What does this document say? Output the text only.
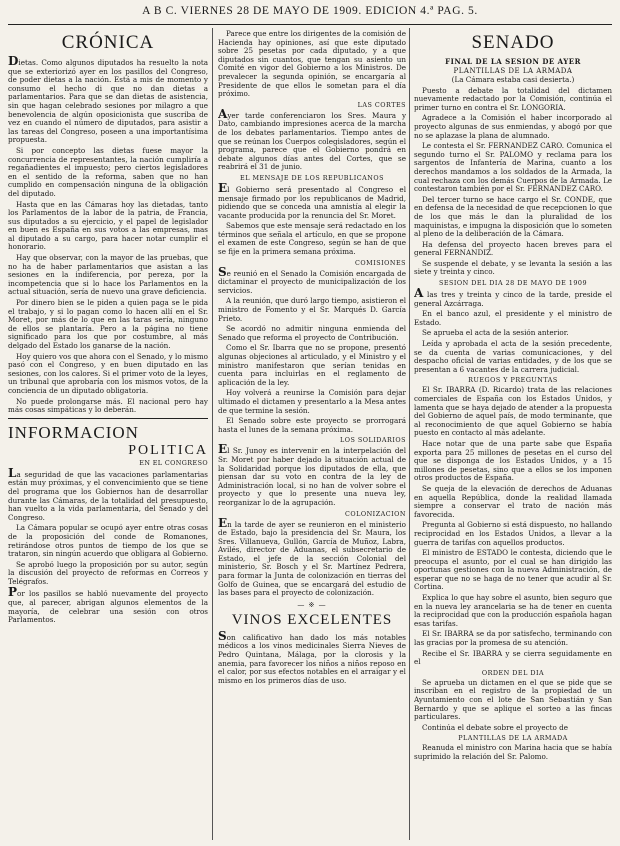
A B C. VIERNES 28 DE MAYO DE 1909. EDICION 4.ª PAG. 5.
CRÓNICA

Dietas. Como algunos diputados ha resuelto la nota que se exteriorizó ayer en los pasillos del Congreso, de poder dietas a la nación. Está a mis de momento y consumo el hecho di que no dan dietas a parlamentarios. Para que se dan dietas de asistencia, sin que hagan celebrado sesiones por milagro a que benevolencia de algún oposicionista que suscriba de vez en cuando el número de diputados, para asistir a las tareas del Congreso, poseen a una importantísima propuesta.

Si por concepto las dietas fuese mayor la concurrencia de representantes, la nación cumpliría a regañadientes el impuesto; pero ciertos legisladores en el sentido de la reforma, saben que no han cumplido en compensación ninguna de la obligación del diputado.

Hasta que en las Cámaras hoy las dietadas, tanto los Parlamentos de la labor de la patria, de Francia, sus diputados a su ejercicio, y el papel de legislador en buen es España en sus votos a las empresas, mas al diputado a su cargo, para hacer notar cumplir el honorario.

Hay que observar, con la mayor de las pruebas, que no ha de haber parlamentarios que asistan a las sesiones en la indiferencia, por pereza, por la incompetencia que si lo hace los Parlamentos en la actual situación, sería de nuevo una grave deficiencia.

Por dinero bien se le piden a quien paga se le pida el trabajo, y si lo pagan como lo hacen allí en el Sr. Moret, por más de lo que en las taras sería, ninguno de ellos se plantaría. Pero a la página no tiene significado para los que por costumbre, al más delgado del Estado los ganarse de la nación.

Hoy quiero vos que ahora con el Senado, y lo mismo pasó con el Congreso, y en buen diputado en las sesiones, con los calores. Si el primer voto de la leyes, un tribunal que aprobaría con los mismos votos, de la conciencia de un diputado obligatoria.

No puede prolongarse más. El nacional pero hay más cosas simpáticas y lo deberán.

INFORMACION
POLITICA
EN EL CONGRESO

La seguridad de que las vacaciones parlamentarias están muy próximas, y el convencimiento que se tiene del programa que los Gobiernos han de desarrollar durante las Cámaras, de la totalidad del presupuesto, han vuelto a la vida parlamentaria, del Senado y del Congreso.

La Cámara popular se ocupó ayer entre otras cosas de la proposición del conde de Romanones, retirándose otros puntos de tiempo de los que se trataron, sin ningún acuerdo que obligara al Gobierno.

Se aprobó luego la proposición por su autor, según la discusión del proyecto de reformas en Correos y Telégrafos.

Por los pasillos se habló nuevamente del proyecto que, al parecer, abrigan algunos elementos de la mayoría, de celebrar una sesión con otros Parlamentos.

Parece que entre los dirigentes de la comisión de Hacienda hay opiniones, así que este diputado sobre 25 pesetas por cada diputado, y a que diputados sin cuantos, que tengan su asiento un Comité en vigor del Gobierno a los Ministros. De prevalecer la segunda opinión, se encargaría al Presidente de que ellos le sometan para el día próximo.

LAS CORTES

Ayer tarde conferenciaron los Sres. Maura y Dato, cambiando impresiones acerca de la marcha de los debates parlamentarios. Tiempo antes de que se reúnan los Cuerpos colegisladores, según el programa, parece que el Gobierno pondrá en debate algunos días antes del Cortes, que se reabrirá el 31 de junio.

EL MENSAJE DE LOS REPUBLICANOS

El Gobierno será presentado al Congreso el mensaje firmado por los republicanos de Madrid, pidiendo que se conceda una amnistía al elegir la vacante producida por la renuncia del Sr. Moret.

Sabemos que este mensaje será redactado en los términos que señala el artículo, en que se propone el examen de este Congreso, según se han de que se fije en la primera semana próxima.

COMISIONES

Se reunió en el Senado la Comisión encargada de dictaminar el proyecto de municipalización de los servicios.

A la reunión, que duró largo tiempo, asistieron el ministro de Fomento y el Sr. Marqués D. García Prieto.

Se acordó no admitir ninguna enmienda del Senado que reforma el proyecto de Contribución.

Como el Sr. Ibarra que no se propone, presentó algunas objeciones al articulado, y el Ministro y el ministro manifestaron que serían tenidas en cuenta para incluirlas en el reglamento de aplicación de la ley.

Hoy volverá a reunirse la Comisión para dejar ultimado el dictamen y presentarlo a la Mesa antes de que termine la sesión.

El Senado sobre este proyecto se prorrogará hasta el lunes de la semana próxima.

LOS SOLIDARIOS

El Sr. Junoy es intervenir en la interpelación del Sr. Moret por haber dejado la situación actual de la Solidaridad porque los diputados de ella, que piensan dar su voto en contra de la ley de Administración local, si no han de volver sobre el proyecto y que lo presente una nueva ley, reorganizar lo de la agrupación.

COLONIZACION

En la tarde de ayer se reunieron en el ministerio de Estado, bajo la presidencia del Sr. Maura, los Sres. Villanueva, Gullón, García de Muñoz, Labra, Avilés, director de Aduanas, el subsecretario de Estado, el jefe de la sección Colonial del ministerio, Sr. Bosch y el Sr. Martínez Pedrera, para formar la Junta de colonización en tierras del Golfo de Guinea, que se encargará del estudio de las bases para el proyecto de colonización.

— ※ —
VINOS EXCELENTES

Son calificativo han dado los más notables médicos a los vinos medicinales Sierra Nieves de Pedro Quintana, Málaga, por la clorosis y la anemia, para favorecer los niños a niños reposo en el calor, por sus efectos notables en el arraigar y el mismo en los primeros días de uso.

SENADO
FINAL DE LA SESION DE AYER
PLANTILLAS DE LA ARMADA

(La Cámara estaba casi desierta.)

Puesto a debate la totalidad del dictamen nuevamente redactado por la Comisión, continúa el primer turno en contra el Sr. LONGORIA.

Agradece a la Comisión el haber incorporado al proyecto algunas de sus enmiendas, y abogó por que no se aplazase la plana de alumnado.

Le contesta el Sr. FERNANDEZ CARO. Comunica el segundo turno el Sr. PALOMO y reclama para los sargentos de Infantería de Marina, cuanto a los derechos mandamos a los soldados de la Armada, la cual rechaza con los demás Cuerpos de la Armada. Le contestaron también por el Sr. FERNANDEZ CARO.

Del tercer turno se hace cargo el Sr. CONDE, que en defensa de la necesidad de que recepcionen lo que de los que más le dan la pluralidad de los maquinistas, e impugna la disposición que lo someten al pleno de la deliberación de la Cámara.

Ha defensa del proyecto hacen breves para el general FERNANDIZ.

Se suspende el debate, y se levanta la sesión a las siete y treinta y cinco.

SESION DEL DIA 28 DE MAYO DE 1909

A las tres y treinta y cinco de la tarde, preside el general Azcárraga.

En el banco azul, el presidente y el ministro de Estado.

Se aprueba el acta de la sesión anterior.

Leída y aprobada el acta de la sesión precedente, se da cuenta de varias comunicaciones, y del despacho oficial de varias entidades, y de los que se presentan a 6 vacantes de la carrera judicial.

RUEGOS Y PREGUNTAS

El Sr. IBARRA (D. Ricardo) trata de las relaciones comerciales de España con los Estados Unidos, y lamenta que se haya dejado de atender a la propuesta del Gobierno de aquel país, de modo terminante, que al reconocimiento de que aquel Gobierno se había puesto en contacto al más adelante.

Hace notar que de una parte sabe que España exporta para 25 millones de pesetas en el curso del que se disponga de los Estados Unidos, y a 15 millones de pesetas, sino que a ellos se los imponen otros productos de España.

Se queja de la elevación de derechos de Aduanas en aquella República, donde la realidad llamada siempre a conservar el trato de nación más favorecida.

Pregunta al Gobierno si está dispuesto, no hallando reciprocidad en los Estados Unidos, a llevar a la guerra de tarifas con aquellos productos.

El ministro de ESTADO le contesta, diciendo que le preocupa el asunto, por el cual se han dirigido las oportunas gestiones con la nueva Administración, de esperar que no se haga de no tener que acudir al Sr. Cortina.

Explica lo que hay sobre el asunto, bien seguro que en la nueva ley arancelaria se ha de tener en cuenta la reciprocidad que con la producción española hagan esas tarifas.

El Sr. IBARRA se da por satisfecho, terminando con las gracias por la promesa de su atención.

Recibe el Sr. IBARRA y se cierra seguidamente en el

ORDEN DEL DIA

Se aprueba un dictamen en el que se pide que se inscriban en el registro de la propiedad de un Ayuntamiento con el lote de San Sebastián y San Bernardo y que se aplique el sorteo a las fincas particulares.

Continúa el debate sobre el proyecto de

PLANTILLAS DE LA ARMADA

Reanuda el ministro con Marina hacia que se había suprimido la relación del Sr. Palomo.
